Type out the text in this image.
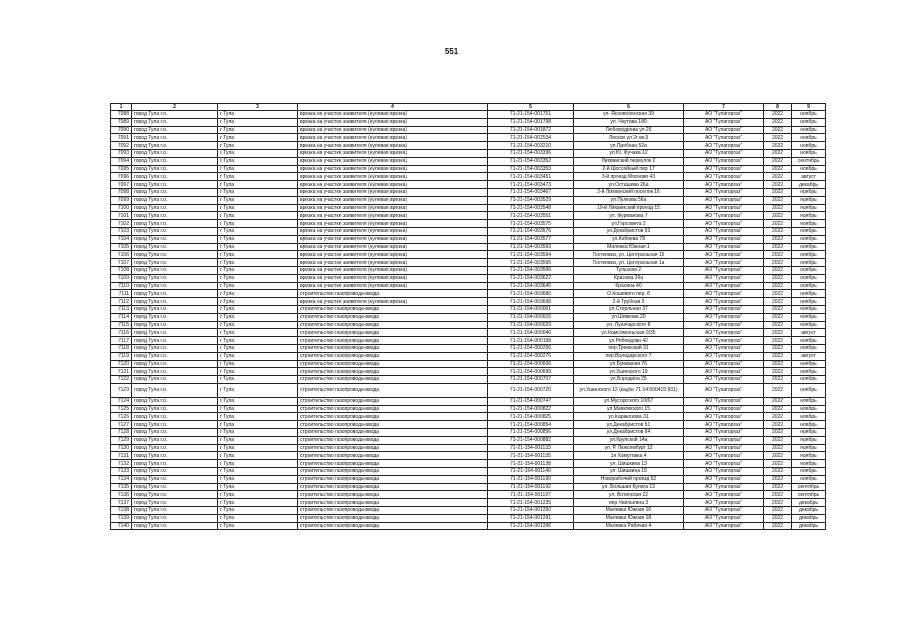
551
1	2	3	4	5	6	7	8	9
7088	город Тула г.о.	г Тула	врезка не участке заявителя (нулевая врезка)	71-21-154-001751	ул. Ясноволенская 39	АО "Тулагоргаз"	2022	ноябрь
7089	город Тула г.о.	г Тула	врезка на участке заявителя (нулевая врезка)	71-21-154-001798	ул. Чкутова 180	АО "Тулагоргаз"	2022	ноябрь
7090	город Тула г.о.	г Тула	врезка на участке заявителя (нулевая врезка)	71-21-154-001872	Любомудрова ул 26	АО "Тулагоргаз"	2022	ноябрь
7091	город Тула г.о.	г Тула	врезка на участке заявителя (нулевая врезка)	71-21-154-002534	Лесков ул 2г кв.9	АО "Тулагоргаз"	2022	ноябрь
7092	город Тула г.о.	г Тула	врезка на участке заявителя (нулевая врезка)	71-21-154-003210	ул.Пребнан 52а	АО "Тулагоргаз"	2022	ноябрь
7093	город Тула г.о.	г Тула	врезка на участке заявителя (нулевая врезка)	71-21-154-003336	ул.Ю. Фучика 12	АО "Тулагоргаз"	2022	ноябрь
7094	город Тула г.о.	г Тула	врезка на участке заявителя (нулевая врезка)	71-21-154-003352	Лихвинский переулок 2	АО "Тулагоргаз"	2022	сентябрь
7095	город Тула г.о.	г Тула	врезка на участке заявителя (нулевая врезка)	71-21-154-003353	2-й Шоссейный пер 17	АО "Тулагоргаз"	2022	ноябрь
7096	город Тула г.о.	г Тула	врезка на участке заявителя (нулевая врезка)	71-21-154-003451	3-й проезд Мясново 43	АО "Тулагоргаз"	2022	август
7097	город Тула г.о.	г Тула	врезка на участке заявителя (нулевая врезка)	71-21-154-003473	ул.Осташева 26а	АО "Тулагоргаз"	2022	декабрь
7098	город Тула г.о.	г Тула	врезка на участке заявителя (нулевая врезка)	71-21-154-003467	2-й Лихвинский поселок 16	АО "Тулагоргаз"	2022	ноябрь
7099	город Тула г.о.	г Тула	врезка на участке заявителя (нулевая врезка)	71-21-154-003529	ул.Пулкова 56а	АО "Тулагоргаз"	2022	ноябрь
7100	город Тула г.о.	г Тула	врезка на участке заявителя (нулевая врезка)	71-21-154-003548	10-й Лихвинский проезд 15	АО "Тулагоргаз"	2022	ноябрь
7101	город Тула г.о.	г Тула	врезка на участке заявителя (нулевая врезка)	71-21-154-003551	ул. Фурманова 7	АО "Тулагоргаз"	2022	ноябрь
7102	город Тула г.о.	г Тула	врезка на участке заявителя (нулевая врезка)	71-21-154-003575	ул.Горсовета 2	АО "Тулагоргаз"	2022	ноябрь
7103	город Тула г.о.	г Тула	врезка на участке заявителя (нулевая врезка)	71-21-154-003576	ул.Декабристов 93	АО "Тулагоргаз"	2022	ноябрь
7104	город Тула г.о.	г Тула	врезка на участке заявителя (нулевая врезка)	71-21-154-003577	ул.Кобяева 78	АО "Тулагоргаз"	2022	ноябрь
7105	город Тула г.о.	г Тула	врезка на участке заявителя (нулевая врезка)	71-21-154-003593	Малевка Южная 1	АО "Тулагоргаз"	2022	ноябрь
7106	город Тула г.о.	г Тула	врезка на участке заявителя (нулевая врезка)	71-21-154-003594	Гостеевка, ул. Центральная 16	АО "Тулагоргаз"	2022	ноябрь
7107	город Тула г.о.	г Тула	врезка на участке заявителя (нулевая врезка)	71-21-154-003595	Гостеевка, ул. Центральная 1а	АО "Тулагоргаз"	2022	ноябрь
7108	город Тула г.о.	г Тула	врезка на участке заявителя (нулевая врезка)	71-21-154-003599	Тульская 2	АО "Тулагоргаз"	2022	ноябрь
7109	город Тула г.о.	г Тула	врезка на участке заявителя (нулевая врезка)	71-21-154-003622	Красина 26а	АО "Тулагоргаз"	2022	ноябрь
7110	город Тула г.о.	г Тула	врезка на участке заявителя (нулевая врезка)	71-21-154-003645	Красина 40	АО "Тулагоргаз"	2022	ноябрь
7111	город Тула г.о.	г Тула	строительство газопровода-ввода	71-21-154-003680	О.Кошевого пер. 8	АО "Тулагоргаз"	2022	ноябрь
7112	город Тула г.о.	г Тула	врезка на участке заявителя (нулевая врезка)	71-21-154-003698	2-й Трубная 5	АО "Тулагоргаз"	2022	ноябрь
7113	город Тула г.о.	г Тула	строительство газопровода-ввода	71-21-154-000001	ул.Стерльная 37	АО "Тулагоргаз"	2022	ноябрь
7114	город Тула г.о.	г Тула	строительство газопровода-ввода	71-21-154-000015	ул.Шевкова 20	АО "Тулагоргаз"	2022	ноябрь
7115	город Тула г.о.	г Тула	строительство газопровода-ввода	71-21-154-000029	ул. Луначарского 8	АО "Тулагоргаз"	2022	ноябрь
7116	город Тула г.о.	г Тула	строительство газопровода-ввода	71-21-154-000046	ул.Комсомольская 9/35	АО "Тулагоргаз"	2022	август
7117	город Тула г.о.	г Тула	строительство газопровода-ввода	71-21-154-000198	ул.Рябоедова 42	АО "Тулагоргаз"	2022	ноябрь
7118	город Тула г.о.	г Тула	строительство газопровода-ввода	71-21-154-000256	пер.Троекский 31	АО "Тулагоргаз"	2022	ноябрь
7119	город Тула г.о.	г Тула	строительство газопровода-ввода	71-21-154-000276	пер.Володарского 7	АО "Тулагоргаз"	2022	август
7120	город Тула г.о.	г Тула	строительство газопровода-ввода	71-21-154-000606	ул.Бумажная 76	АО "Тулагоргаз"	2022	ноябрь
7121	город Тула г.о.	г Тула	строительство газопровода-ввода	71-21-154-000699	ул.Ушинского 19	АО "Тулагоргаз"	2022	ноябрь
7122	город Тула г.о.	г Тула	строительство газопровода-ввода	71-21-154-000707	ул.Бородина 25	АО "Тулагоргаз"	2022	ноябрь
7123	город Тула г.о.	г Тула	строительство газопровода-ввода	71-21-154-000720	ул.Ушинского 12 (кад№ 71:14:000415:931)	АО "Тулагоргаз"	2022	ноябрь
7124	город Тула г.о.	г Тула	строительство газопровода-ввода	71-21-154-000747	ул.Мусоргского 10/67	АО "Тулагоргаз"	2022	ноябрь
7125	город Тула г.о.	г Тула	строительство газопровода-ввода	71-21-154-000822	ул.Маяковского 15	АО "Тулагоргаз"	2022	ноябрь
7126	город Тула г.о.	г Тула	строительство газопровода-ввода	71-21-154-000825	ул.Каракозова 31	АО "Тулагоргаз"	2022	ноябрь
7127	город Тула г.о.	г Тула	строительство газопровода-ввода	71-21-154-000854	ул.Декабристов 51	АО "Тулагоргаз"	2022	ноябрь
7128	город Тула г.о.	г Тула	строительство газопровода-ввода	71-21-154-000856	ул.Декабристов 64	АО "Тулагоргаз"	2022	ноябрь
7129	город Тула г.о.	г Тула	строительство газопровода-ввода	71-21-154-000882	ул.Крупской 14а	АО "Тулагоргаз"	2022	ноябрь
7130	город Тула г.о.	г Тула	строительство газопровода-ввода	71-21-154-001133	ул. Р. Люксембург 13	АО "Тулагоргаз"	2022	ноябрь
7131	город Тула г.о.	г Тула	строительство газопровода-ввода	71-21-154-001135	1я Хомутовка 4	АО "Тулагоргаз"	2022	ноябрь
7132	город Тула г.о.	г Тула	строительство газопровода-ввода	71-21-154-001138	ул. Шишкина 13	АО "Тулагоргаз"	2022	ноябрь
7133	город Тула г.о.	г Тула	строительство газопровода-ввода	71-21-154-001140	ул. Шишкина 15	АО "Тулагоргаз"	2022	ноябрь
7134	город Тула г.о.	г Тула	строительство газопровода-ввода	71-21-154-001190	Новорабочий проезд 52	АО "Тулагоргаз"	2022	ноябрь
7135	город Тула г.о.	г Тула	строительство газопровода-ввода	71-21-154-001192	ул. Большая Кулига 13	АО "Тулагоргаз"	2022	сентябрь
7136	город Тула г.о.	г Тула	строительство газопровода-ввода	71-21-154-001197	ул. Вотинская 22	АО "Тулагоргаз"	2022	сентябрь
7137	город Тула г.о.	г Тула	строительство газопровода-ввода	71-21-154-001235	пер.Чаплыгина 3	АО "Тулагоргаз"	2022	декабрь
7138	город Тула г.о.	г Тула	строительство газопровода-ввода	71-21-154-001250	Малевка Южная 16	АО "Тулагоргаз"	2022	декабрь
7139	город Тула г.о.	г Тула	строительство газопровода-ввода	71-21-154-001291	Малевка Южная 18	АО "Тулагоргаз"	2022	декабрь
7140	город Тула г.о.	г Тула	строительство газопровода-ввода	71-21-154-001296	Малевка Рабочая 4	АО "Тулагоргаз"	2022	декабрь
